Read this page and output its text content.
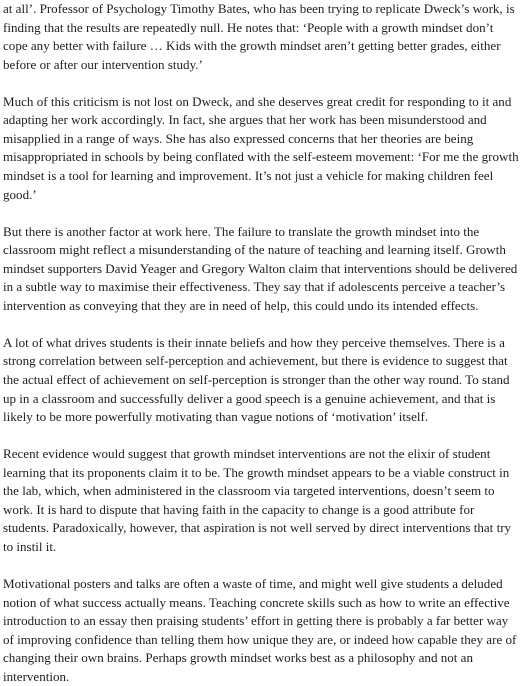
at all’. Professor of Psychology Timothy Bates, who has been trying to replicate Dweck’s work, is finding that the results are repeatedly null. He notes that: ‘People with a growth mindset don’t cope any better with failure … Kids with the growth mindset aren’t getting better grades, either before or after our intervention study.’

Much of this criticism is not lost on Dweck, and she deserves great credit for responding to it and adapting her work accordingly. In fact, she argues that her work has been misunderstood and misapplied in a range of ways. She has also expressed concerns that her theories are being misappropriated in schools by being conflated with the self-esteem movement: ‘For me the growth mindset is a tool for learning and improvement. It’s not just a vehicle for making children feel good.’

But there is another factor at work here. The failure to translate the growth mindset into the classroom might reflect a misunderstanding of the nature of teaching and learning itself. Growth mindset supporters David Yeager and Gregory Walton claim that interventions should be delivered in a subtle way to maximise their effectiveness. They say that if adolescents perceive a teacher’s intervention as conveying that they are in need of help, this could undo its intended effects.

A lot of what drives students is their innate beliefs and how they perceive themselves. There is a strong correlation between self-perception and achievement, but there is evidence to suggest that the actual effect of achievement on self-perception is stronger than the other way round. To stand up in a classroom and successfully deliver a good speech is a genuine achievement, and that is likely to be more powerfully motivating than vague notions of ‘motivation’ itself.

Recent evidence would suggest that growth mindset interventions are not the elixir of student learning that its proponents claim it to be. The growth mindset appears to be a viable construct in the lab, which, when administered in the classroom via targeted interventions, doesn’t seem to work. It is hard to dispute that having faith in the capacity to change is a good attribute for students. Paradoxically, however, that aspiration is not well served by direct interventions that try to instil it.

Motivational posters and talks are often a waste of time, and might well give students a deluded notion of what success actually means. Teaching concrete skills such as how to write an effective introduction to an essay then praising students’ effort in getting there is probably a far better way of improving confidence than telling them how unique they are, or indeed how capable they are of changing their own brains. Perhaps growth mindset works best as a philosophy and not an intervention.
